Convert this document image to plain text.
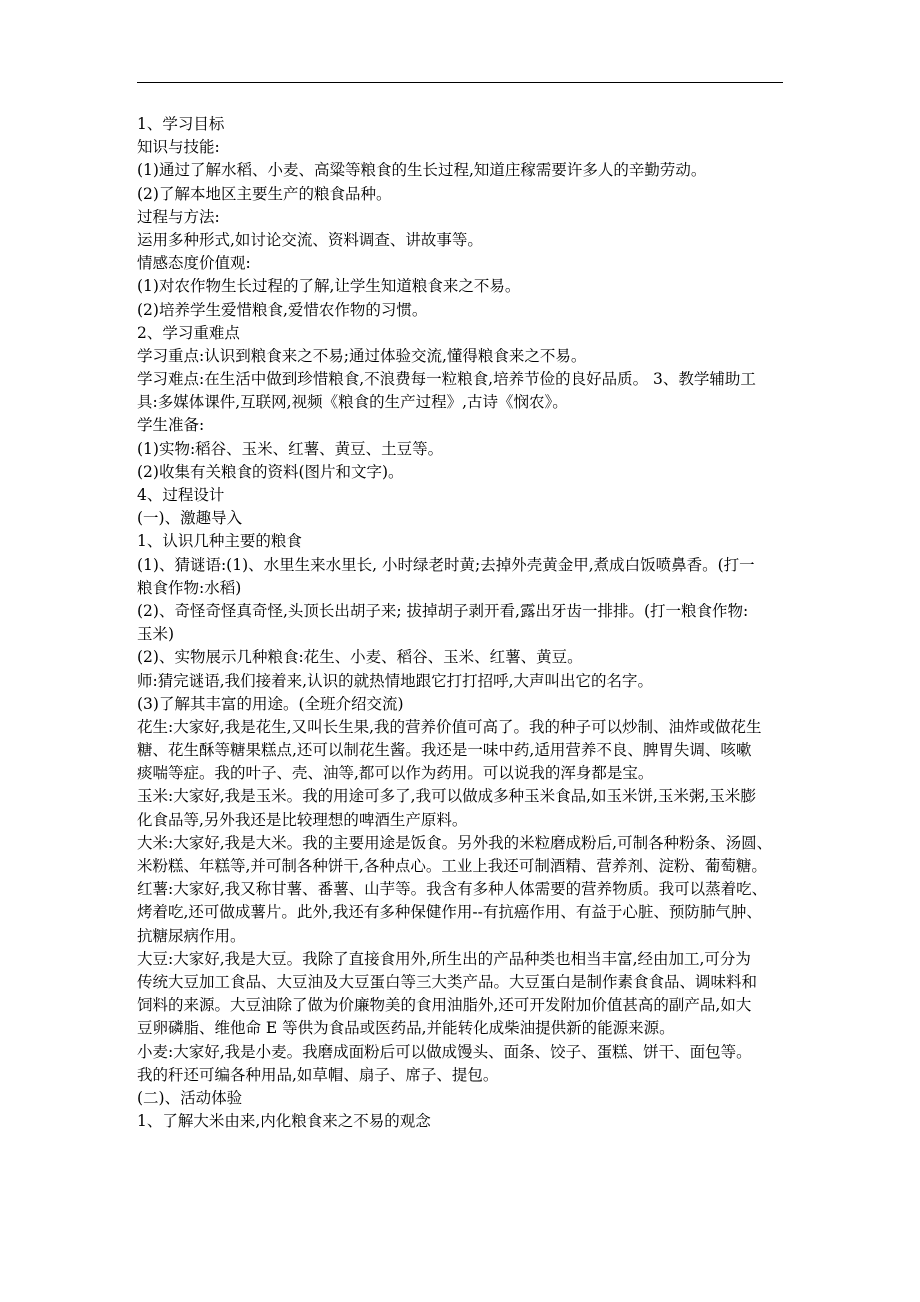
1、学习目标
知识与技能:
(1)通过了解水稻、小麦、高粱等粮食的生长过程,知道庄稼需要许多人的辛勤劳动。
(2)了解本地区主要生产的粮食品种。
过程与方法:
运用多种形式,如讨论交流、资料调查、讲故事等。
情感态度价值观:
(1)对农作物生长过程的了解,让学生知道粮食来之不易。
(2)培养学生爱惜粮食,爱惜农作物的习惯。
2、学习重难点
学习重点:认识到粮食来之不易;通过体验交流,懂得粮食来之不易。
学习难点:在生活中做到珍惜粮食,不浪费每一粒粮食,培养节俭的良好品质。 3、教学辅助工
具:多媒体课件,互联网,视频《粮食的生产过程》,古诗《悯农》。
学生准备:
(1)实物:稻谷、玉米、红薯、黄豆、土豆等。
(2)收集有关粮食的资料(图片和文字)。
4、过程设计
(一)、激趣导入
1、认识几种主要的粮食
(1)、猜谜语:(1)、水里生来水里长, 小时绿老时黄;去掉外壳黄金甲,煮成白饭喷鼻香。(打一
粮食作物:水稻)
(2)、奇怪奇怪真奇怪,头顶长出胡子来; 拔掉胡子剥开看,露出牙齿一排排。(打一粮食作物:
玉米)
(2)、实物展示几种粮食:花生、小麦、稻谷、玉米、红薯、黄豆。
师:猜完谜语,我们接着来,认识的就热情地跟它打打招呼,大声叫出它的名字。
(3)了解其丰富的用途。(全班介绍交流)
花生:大家好,我是花生,又叫长生果,我的营养价值可高了。我的种子可以炒制、油炸或做花生
糖、花生酥等糖果糕点,还可以制花生酱。我还是一味中药,适用营养不良、脾胃失调、咳嗽
痰喘等症。我的叶子、壳、油等,都可以作为药用。可以说我的浑身都是宝。
玉米:大家好,我是玉米。我的用途可多了,我可以做成多种玉米食品,如玉米饼,玉米粥,玉米膨
化食品等,另外我还是比较理想的啤酒生产原料。
大米:大家好,我是大米。我的主要用途是饭食。另外我的米粒磨成粉后,可制各种粉条、汤圆、
米粉糕、年糕等,并可制各种饼干,各种点心。工业上我还可制酒精、营养剂、淀粉、葡萄糖。
红薯:大家好,我又称甘薯、番薯、山芋等。我含有多种人体需要的营养物质。我可以蒸着吃、
烤着吃,还可做成薯片。此外,我还有多种保健作用--有抗癌作用、有益于心脏、预防肺气肿、
抗糖尿病作用。
大豆:大家好,我是大豆。我除了直接食用外,所生出的产品种类也相当丰富,经由加工,可分为
传统大豆加工食品、大豆油及大豆蛋白等三大类产品。大豆蛋白是制作素食食品、调味料和
饲料的来源。大豆油除了做为价廉物美的食用油脂外,还可开发附加价值甚高的副产品,如大
豆卵磷脂、维他命 E 等供为食品或医药品,并能转化成柴油提供新的能源来源。
小麦:大家好,我是小麦。我磨成面粉后可以做成馒头、面条、饺子、蛋糕、饼干、面包等。
我的秆还可编各种用品,如草帽、扇子、席子、提包。
(二)、活动体验
1、了解大米由来,内化粮食来之不易的观念
